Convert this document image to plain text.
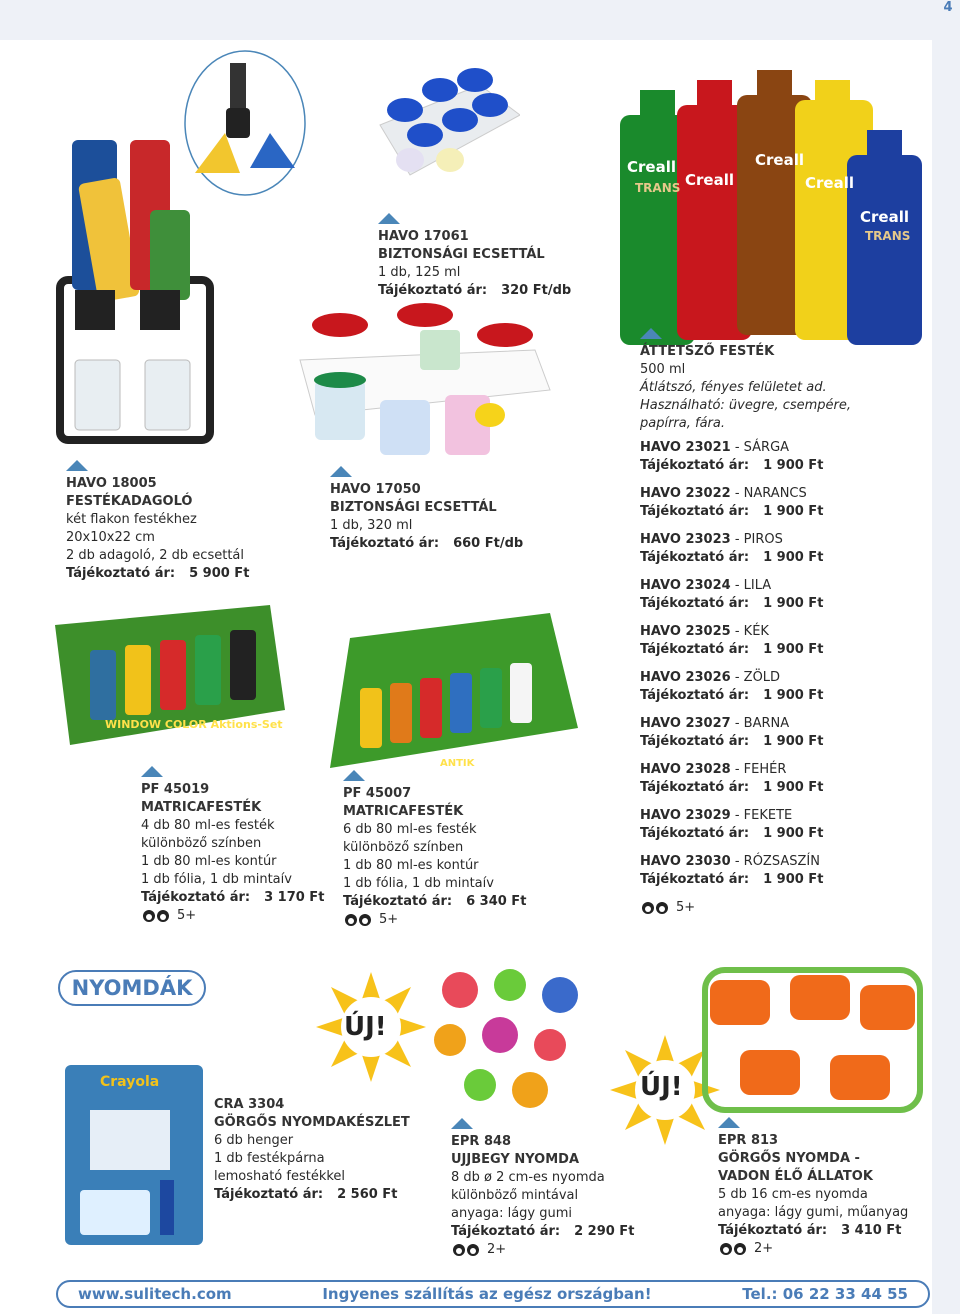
4
HAVO 17061
BIZTONSÁGI ECSETTÁL
1 db, 125 ml
Tájékoztató ár: 320 Ft/db
Creall
Creall
Creall
Creall
Creall
TRANS
TRANS
HAVO 18005
FESTÉKADAGOLÓ
két flakon festékhez
20x10x22 cm
2 db adagoló, 2 db ecsettál
Tájékoztató ár: 5 900 Ft
HAVO 17050
BIZTONSÁGI ECSETTÁL
1 db, 320 ml
Tájékoztató ár: 660 Ft/db
ÁTTETSZŐ FESTÉK
500 ml
Átlátszó, fényes felületet ad.
Használható: üvegre, csempére,
papírra, fára.
HAVO 23021 - SÁRGA
Tájékoztató ár: 1 900 Ft
HAVO 23022 - NARANCS
Tájékoztató ár: 1 900 Ft
HAVO 23023 - PIROS
Tájékoztató ár: 1 900 Ft
HAVO 23024 - LILA
Tájékoztató ár: 1 900 Ft
HAVO 23025 - KÉK
Tájékoztató ár: 1 900 Ft
HAVO 23026 - ZÖLD
Tájékoztató ár: 1 900 Ft
HAVO 23027 - BARNA
Tájékoztató ár: 1 900 Ft
HAVO 23028 - FEHÉR
Tájékoztató ár: 1 900 Ft
HAVO 23029 - FEKETE
Tájékoztató ár: 1 900 Ft
HAVO 23030 - RÓZSASZÍN
Tájékoztató ár: 1 900 Ft
5+
WINDOW COLOR Aktions-Set
ANTIK
PF 45019
MATRICAFESTÉK
4 db 80 ml-es festék
különböző színben
1 db 80 ml-es kontúr
1 db fólia, 1 db mintaív
Tájékoztató ár: 3 170 Ft
5+
PF 45007
MATRICAFESTÉK
6 db 80 ml-es festék
különböző színben
1 db 80 ml-es kontúr
1 db fólia, 1 db mintaív
Tájékoztató ár: 6 340 Ft
5+
NYOMDÁK
ÚJ!
Crayola
CRA 3304
GÖRGŐS NYOMDAKÉSZLET
6 db henger
1 db festékpárna
lemosható festékkel
Tájékoztató ár: 2 560 Ft
EPR 848
UJJBEGY NYOMDA
8 db ø 2 cm-es nyomda
különböző mintával
anyaga: lágy gumi
Tájékoztató ár: 2 290 Ft
2+
ÚJ!
EPR 813
GÖRGŐS NYOMDA -
VADON ÉLŐ ÁLLATOK
5 db 16 cm-es nyomda
anyaga: lágy gumi, műanyag
Tájékoztató ár: 3 410 Ft
2+
www.sulitech.com	Ingyenes szállítás az egész országban!	Tel.: 06 22 33 44 55
